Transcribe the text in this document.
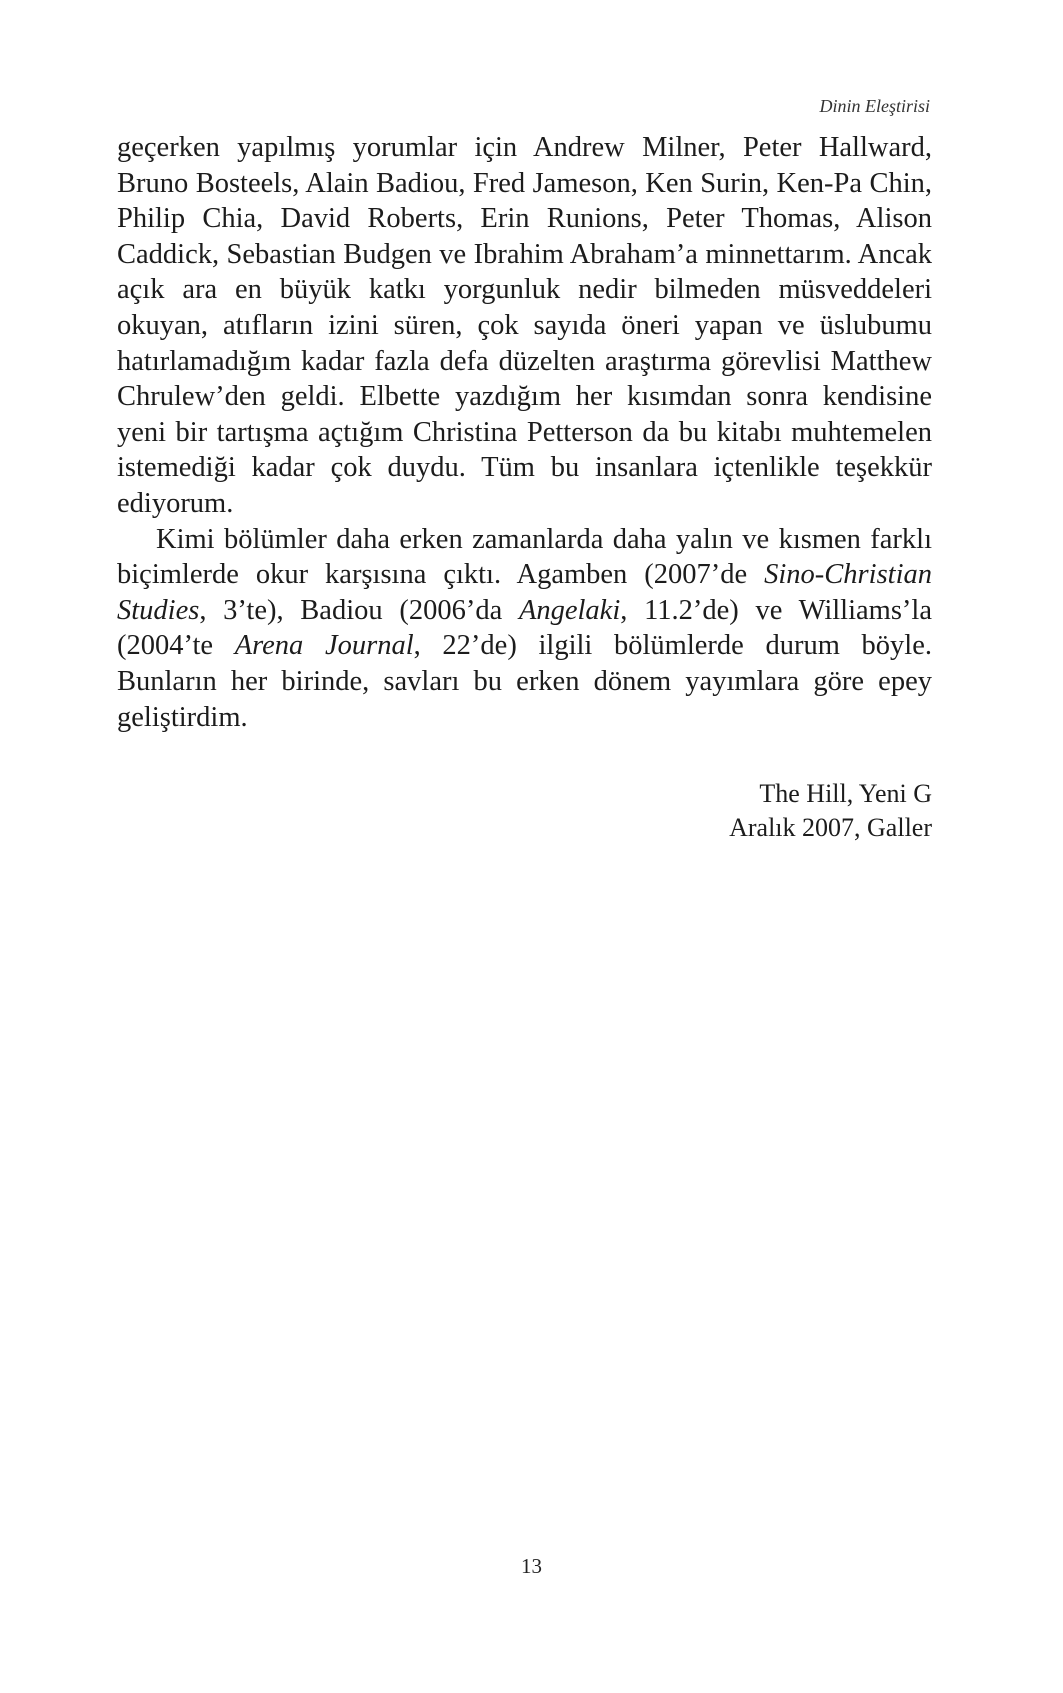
Dinin Eleştirisi

geçerken yapılmış yorumlar için Andrew Milner, Peter Hallward, Bruno Bosteels, Alain Badiou, Fred Jameson, Ken Surin, Ken-Pa Chin, Philip Chia, David Roberts, Erin Runions, Peter Thomas, Alison Caddick, Sebastian Budgen ve Ibrahim Abraham’a minnettarım. Ancak açık ara en büyük katkı yorgunluk nedir bilmeden müsveddeleri okuyan, atıfların izini süren, çok sayıda öneri yapan ve üslubumu hatırlamadığım kadar fazla defa düzelten araştırma görevlisi Matthew Chrulew’den geldi. Elbette yazdığım her kısımdan sonra kendisine yeni bir tartışma açtığım Christina Petterson da bu kitabı muhtemelen istemediği kadar çok duydu. Tüm bu insanlara içtenlikle teşekkür ediyorum.

Kimi bölümler daha erken zamanlarda daha yalın ve kısmen farklı biçimlerde okur karşısına çıktı. Agamben (2007’de Sino-Christian Studies, 3’te), Badiou (2006’da Angelaki, 11.2’de) ve Williams’la (2004’te Arena Journal, 22’de) ilgili bölümlerde durum böyle. Bunların her birinde, savları bu erken dönem yayımlara göre epey geliştirdim.

The Hill, Yeni G
Aralık 2007, Galler
13
